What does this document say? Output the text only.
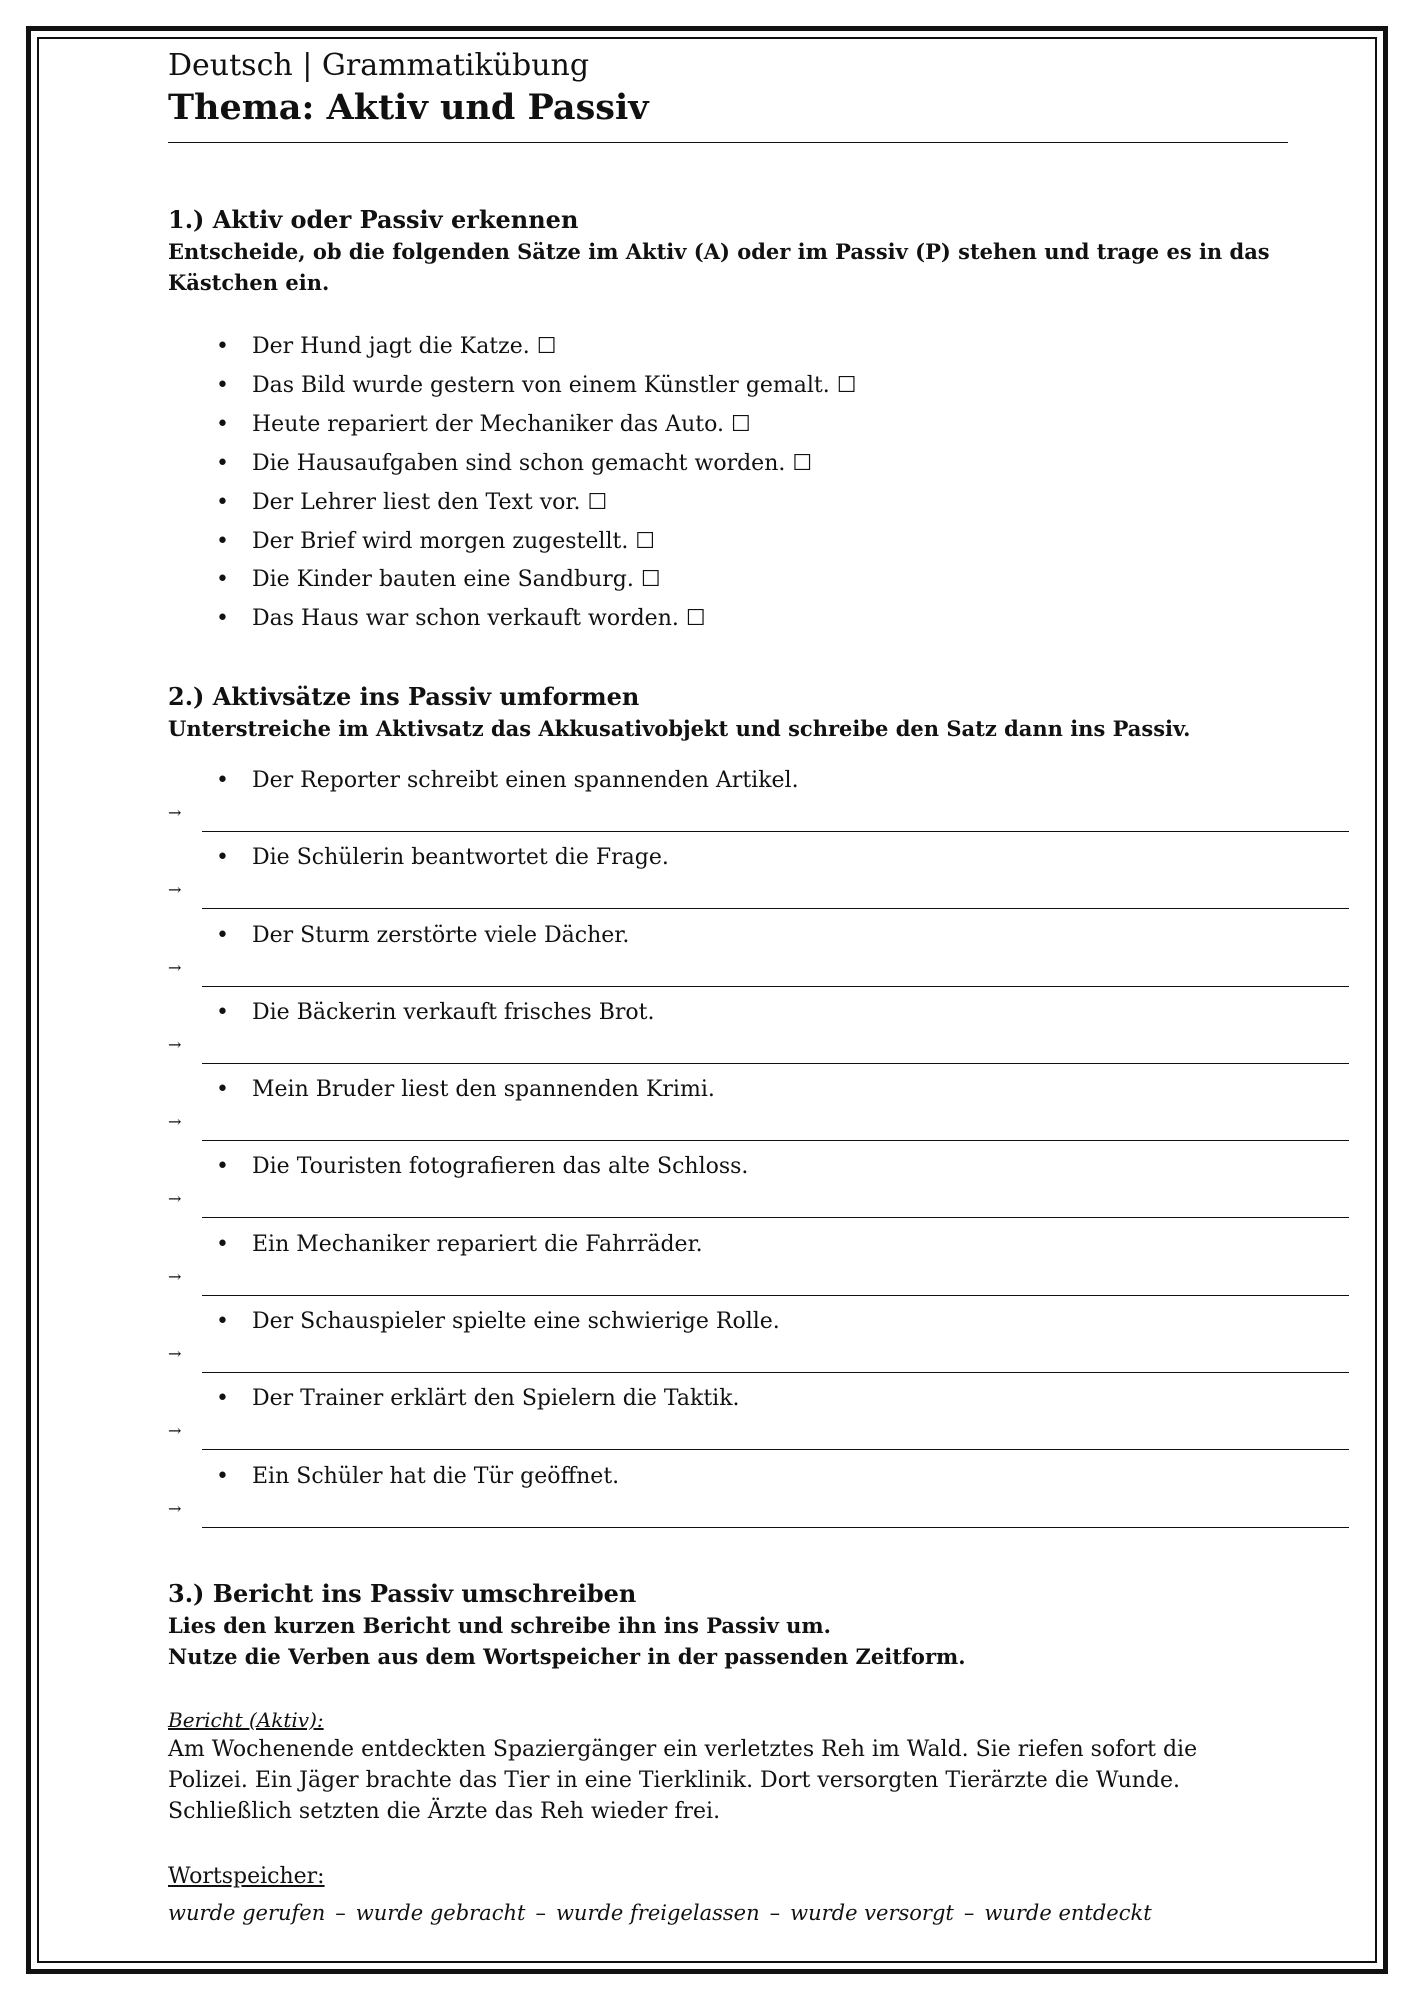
Deutsch | Grammatikübung

Thema: Aktiv und Passiv

1.) Aktiv oder Passiv erkennen

Entscheide, ob die folgenden Sätze im Aktiv (A) oder im Passiv (P) stehen und trage es in das Kästchen ein.

• Der Hund jagt die Katze. ☐
• Das Bild wurde gestern von einem Künstler gemalt. ☐
• Heute repariert der Mechaniker das Auto. ☐
• Die Hausaufgaben sind schon gemacht worden. ☐
• Der Lehrer liest den Text vor. ☐
• Der Brief wird morgen zugestellt. ☐
• Die Kinder bauten eine Sandburg. ☐
• Das Haus war schon verkauft worden. ☐

2.) Aktivsätze ins Passiv umformen

Unterstreiche im Aktivsatz das Akkusativobjekt und schreibe den Satz dann ins Passiv.

• Der Reporter schreibt einen spannenden Artikel.
→
• Die Schülerin beantwortet die Frage.
→
• Der Sturm zerstörte viele Dächer.
→
• Die Bäckerin verkauft frisches Brot.
→
• Mein Bruder liest den spannenden Krimi.
→
• Die Touristen fotografieren das alte Schloss.
→
• Ein Mechaniker repariert die Fahrräder.
→
• Der Schauspieler spielte eine schwierige Rolle.
→
• Der Trainer erklärt den Spielern die Taktik.
→
• Ein Schüler hat die Tür geöffnet.
→

3.) Bericht ins Passiv umschreiben

Lies den kurzen Bericht und schreibe ihn ins Passiv um.

Nutze die Verben aus dem Wortspeicher in der passenden Zeitform.

Bericht (Aktiv):
Am Wochenende entdeckten Spaziergänger ein verletztes Reh im Wald. Sie riefen sofort die Polizei. Ein Jäger brachte das Tier in eine Tierklinik. Dort versorgten Tierärzte die Wunde. Schließlich setzten die Ärzte das Reh wieder frei.
Wortspeicher:
wurde gerufen – wurde gebracht – wurde freigelassen – wurde versorgt – wurde entdeckt
